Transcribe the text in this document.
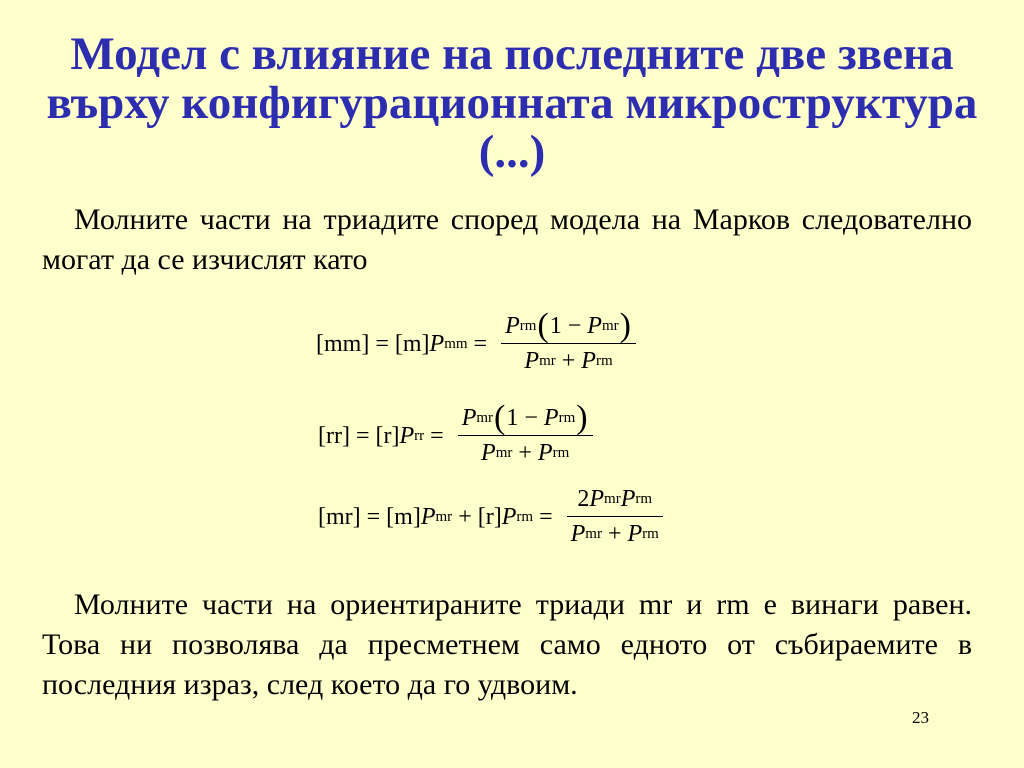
Модел с влияние на последните две звена върху конфигурационната микроструктура (...)
Молните части на триадите според модела на Марков следователно могат да се изчислят като
[mm] = [m] P mm = $\frac{\text{P rm ( 1 − P mr )}}{\text{P mr + P rm}}$
[rr] = [r] P rr = $\frac{\text{P mr ( 1 − P rm )}}{\text{P mr + P rm}}$
[mr] = [m] P mr + [r] P rm = $\frac{\text{2 P mr P rm}}{\text{P mr + P rm}}$
Молните части на ориентираните триади mr и rm е винаги равен. Това ни позволява да пресметнем само едното от събираемите в последния израз, след което да го удвоим.
23
